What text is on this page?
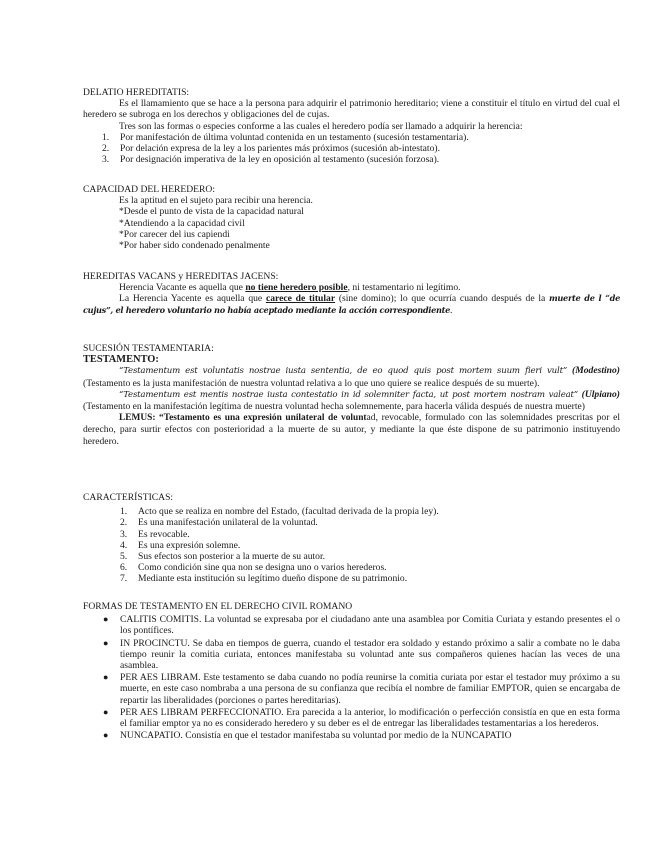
DELATIO HEREDITATIS:

Es el llamamiento que se hace a la persona para adquirir el patrimonio hereditario; viene a constituir el título en virtud del cual el heredero se subroga en los derechos y obligaciones del de cujas.

Tres son las formas o especies conforme a las cuales el heredero podía ser llamado a adquirir la herencia:

1. Por manifestación de última voluntad contenida en un testamento (sucesión testamentaria).
2. Por delación expresa de la ley a los parientes más próximos (sucesión ab-intestato).
3. Por designación imperativa de la ley en oposición al testamento (sucesión forzosa).

CAPACIDAD DEL HEREDERO:

Es la aptitud en el sujeto para recibir una herencia.

*Desde el punto de vista de la capacidad natural

*Atendiendo a la capacidad civil

*Por carecer del ius capiendi

*Por haber sido condenado penalmente

HEREDITAS VACANS y HEREDITAS JACENS:

Herencia Vacante es aquella que no tiene heredero posible, ni testamentario ni legítimo.

La Herencia Yacente es aquella que carece de titular (sine domino); lo que ocurría cuando después de la muerte de l “de cujus”, el heredero voluntario no había aceptado mediante la acción correspondiente.

SUCESIÓN TESTAMENTARIA:

TESTAMENTO:

“Testamentum est voluntatis nostrae iusta sententia, de eo quod quis post mortem suum fieri vult” (Modestino) (Testamento es la justa manifestación de nuestra voluntad relativa a lo que uno quiere se realice después de su muerte).

“Testamentum est mentis nostrae iusta contestatio in id solemniter facta, ut post mortem nostram valeat” (Ulpiano) (Testamento en la manifestación legítima de nuestra voluntad hecha solemnemente, para hacerla válida después de nuestra muerte)

LEMUS: “Testamento es una expresión unilateral de voluntad, revocable, formulado con las solemnidades prescritas por el derecho, para surtir efectos con posterioridad a la muerte de su autor, y mediante la que éste dispone de su patrimonio instituyendo heredero.

CARACTERÍSTICAS:

1. Acto que se realiza en nombre del Estado, (facultad derivada de la propia ley).
2. Es una manifestación unilateral de la voluntad.
3. Es revocable.
4. Es una expresión solemne.
5. Sus efectos son posterior a la muerte de su autor.
6. Como condición sine qua non se designa uno o varios herederos.
7. Mediante esta institución su legítimo dueño dispone de su patrimonio.

FORMAS DE TESTAMENTO EN EL DERECHO CIVIL ROMANO

● CALITIS COMITIS. La voluntad se expresaba por el ciudadano ante una asamblea por Comitia Curiata y estando presentes el o los pontífices.
● IN PROCINCTU. Se daba en tiempos de guerra, cuando el testador era soldado y estando próximo a salir a combate no le daba tiempo reunir la comitia curiata, entonces manifestaba su voluntad ante sus compañeros quienes hacían las veces de una asamblea.
● PER AES LIBRAM. Este testamento se daba cuando no podía reunirse la comitia curiata por estar el testador muy próximo a su muerte, en este caso nombraba a una persona de su confianza que recibía el nombre de familiar EMPTOR, quien se encargaba de repartir las liberalidades (porciones o partes hereditarias).
● PER AES LIBRAM PERFECCIONATIO. Era parecida a la anterior, lo modificación o perfección consistía en que en esta forma el familiar emptor ya no es considerado heredero y su deber es el de entregar las liberalidades testamentarias a los herederos.
● NUNCAPATIO. Consistía en que el testador manifestaba su voluntad por medio de la NUNCAPATIO
